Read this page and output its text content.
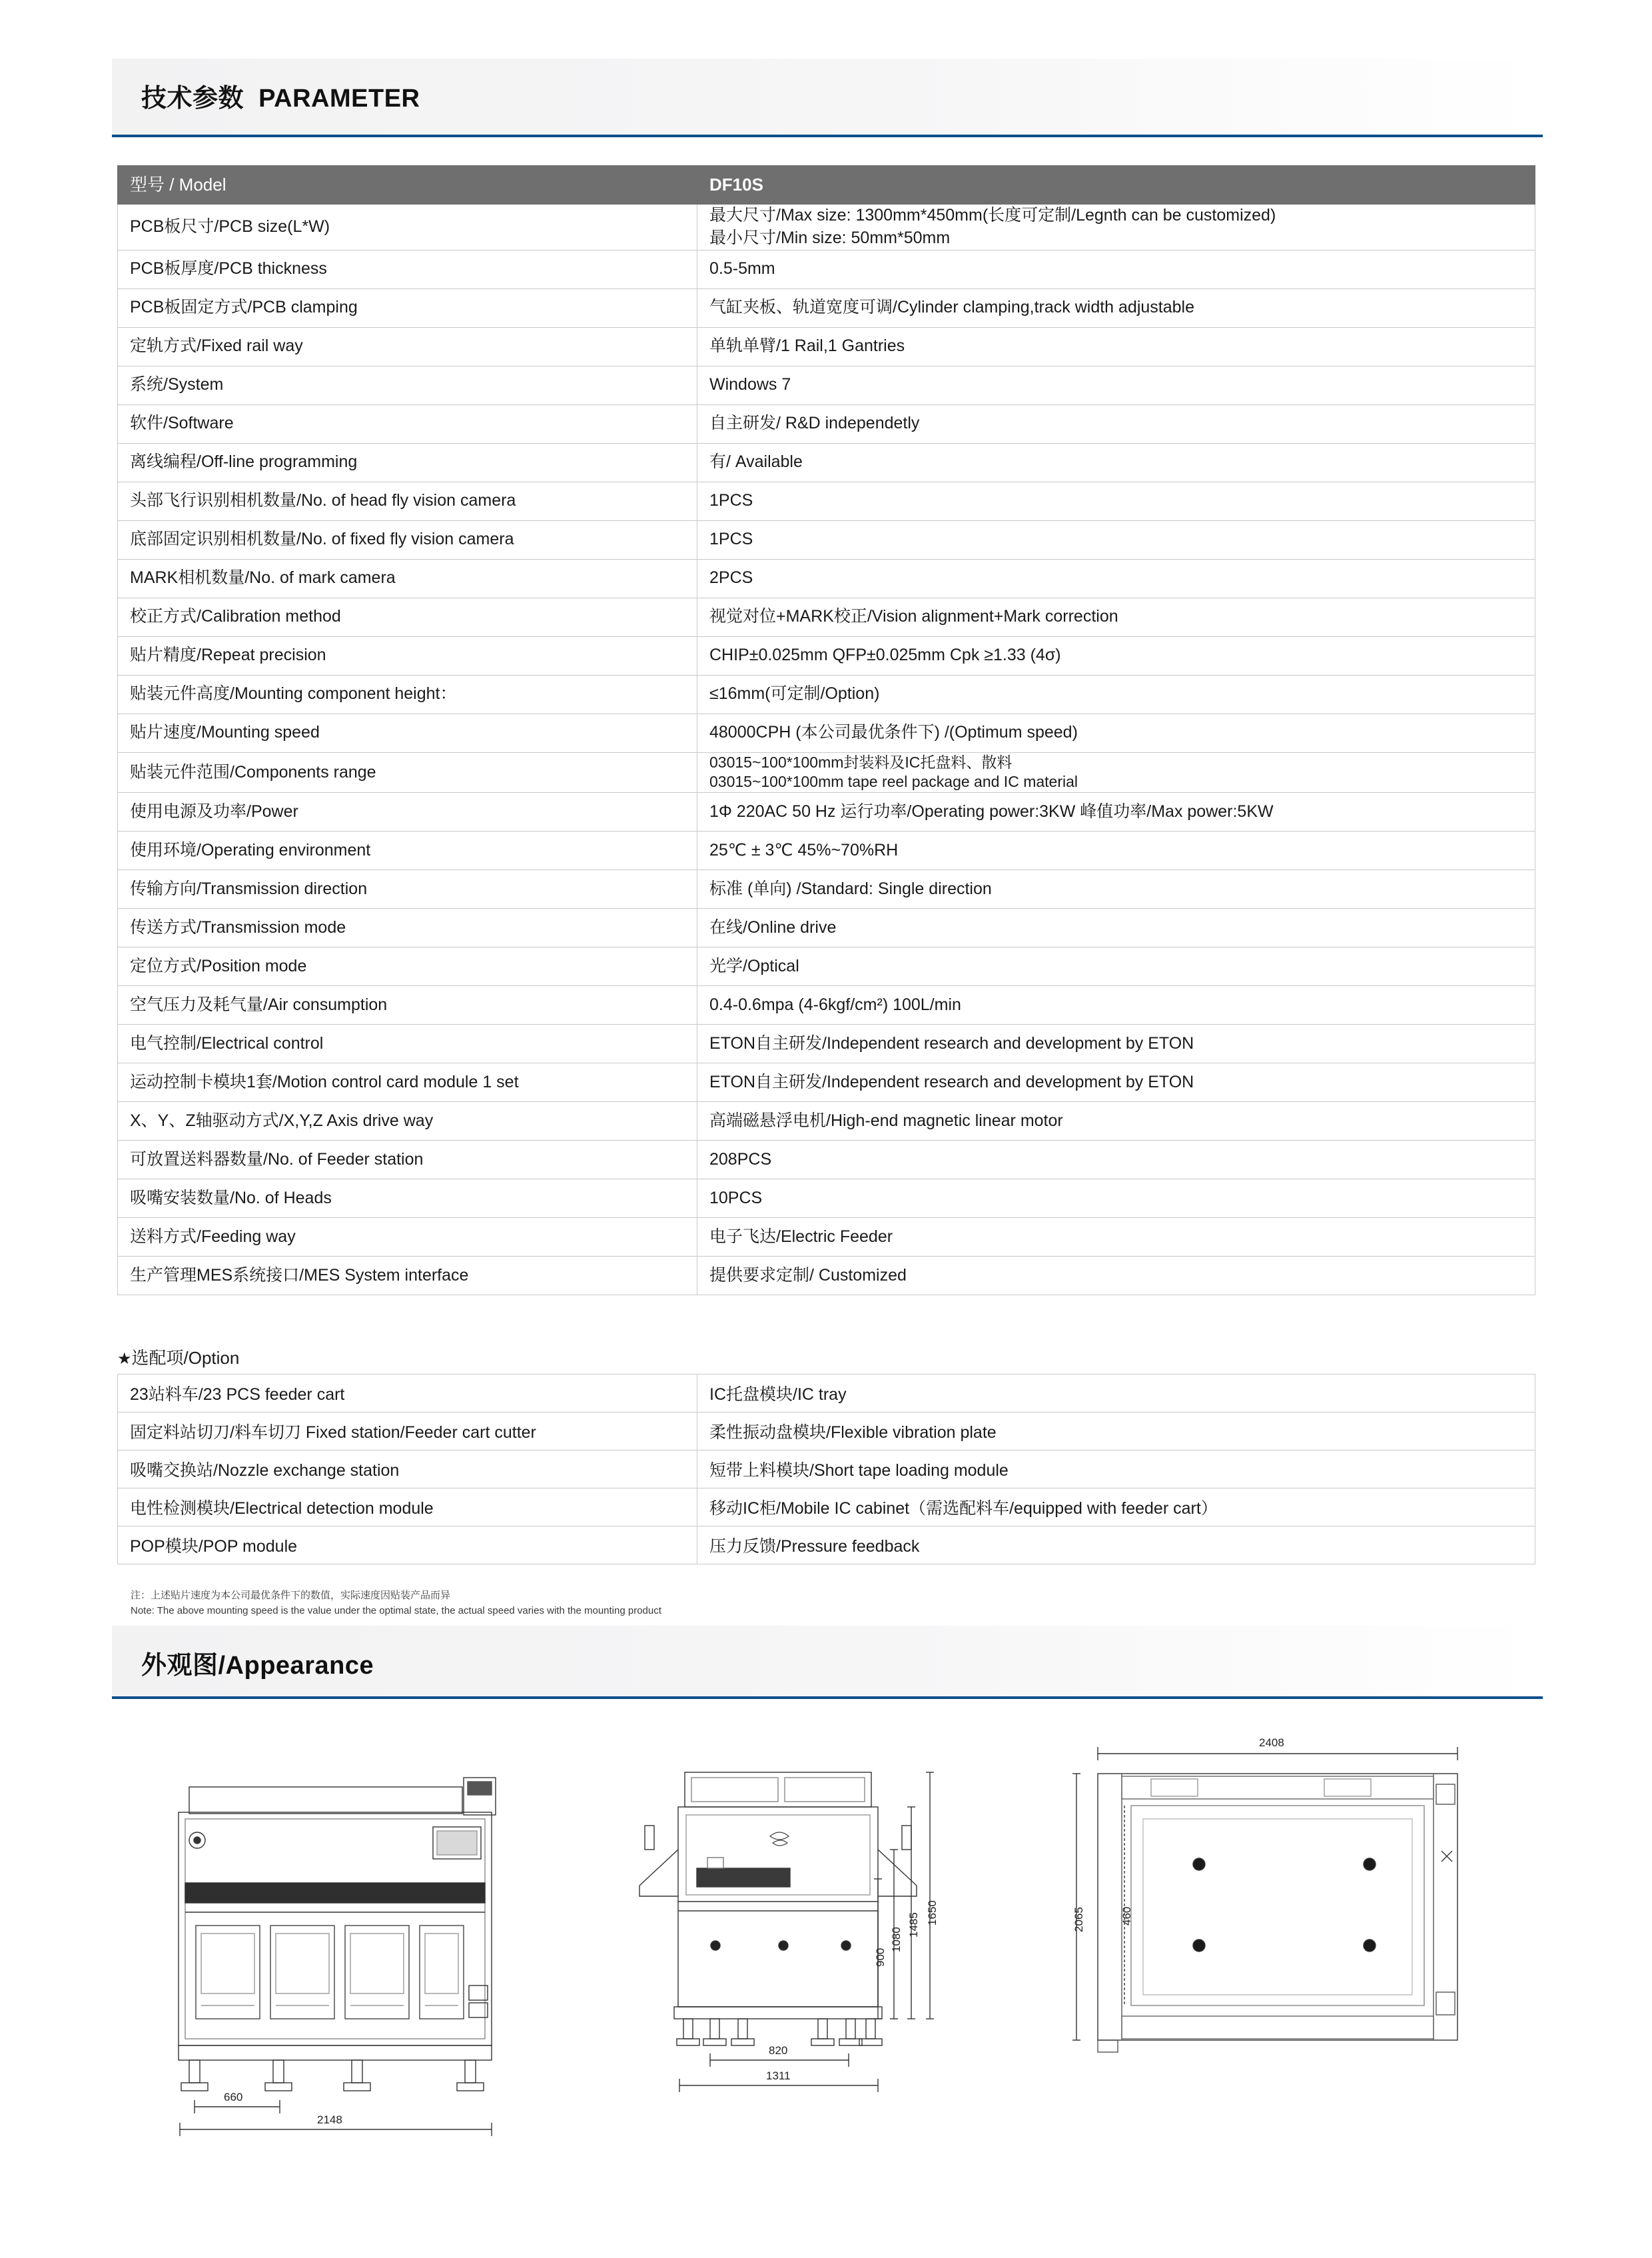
技术参数 PARAMETER
型号 / Model	DF10S
PCB板尺寸/PCB size(L*W)	最大尺寸/Max size: 1300mm*450mm(长度可定制/Legnth can be customized)
最小尺寸/Min size: 50mm*50mm

PCB板厚度/PCB thickness	0.5-5mm

PCB板固定方式/PCB clamping	气缸夹板、轨道宽度可调/Cylinder clamping,track width adjustable

定轨方式/Fixed rail way	单轨单臂/1 Rail,1 Gantries

系统/System	Windows 7

软件/Software	自主研发/ R&D independetly

离线编程/Off-line programming	有/ Available

头部飞行识别相机数量/No. of head fly vision camera	1PCS

底部固定识别相机数量/No. of fixed fly vision camera	1PCS

MARK相机数量/No. of mark camera	2PCS

校正方式/Calibration method	视觉对位+MARK校正/Vision alignment+Mark correction

贴片精度/Repeat precision	CHIP±0.025mm QFP±0.025mm Cpk ≥1.33 (4σ)

贴装元件高度/Mounting component height：	≤16mm(可定制/Option)

贴片速度/Mounting speed	48000CPH (本公司最优条件下) /(Optimum speed)

贴装元件范围/Components range	03015~100*100mm封装料及IC托盘料、散料
03015~100*100mm tape reel package and IC material

使用电源及功率/Power	1Φ 220AC 50 Hz 运行功率/Operating power:3KW 峰值功率/Max power:5KW

使用环境/Operating environment	25℃ ± 3℃ 45%~70%RH

传输方向/Transmission direction	标准 (单向) /Standard: Single direction

传送方式/Transmission mode	在线/Online drive

定位方式/Position mode	光学/Optical

空气压力及耗气量/Air consumption	0.4-0.6mpa (4-6kgf/cm²) 100L/min

电气控制/Electrical control	ETON自主研发/Independent research and development by ETON

运动控制卡模块1套/Motion control card module 1 set	ETON自主研发/Independent research and development by ETON

X、Y、Z轴驱动方式/X,Y,Z Axis drive way	高端磁悬浮电机/High-end magnetic linear motor

可放置送料器数量/No. of Feeder station	208PCS

吸嘴安装数量/No. of Heads	10PCS

送料方式/Feeding way	电子飞达/Electric Feeder

生产管理MES系统接口/MES System interface	提供要求定制/ Customized
★选配项/Option
23站料车/23 PCS feeder cart	IC托盘模块/IC tray
固定料站切刀/料车切刀 Fixed station/Feeder cart cutter	柔性振动盘模块/Flexible vibration plate
吸嘴交换站/Nozzle exchange station	短带上料模块/Short tape loading module
电性检测模块/Electrical detection module	移动IC柜/Mobile IC cabinet（需选配料车/equipped with feeder cart）
POP模块/POP module	压力反馈/Pressure feedback
注：上述贴片速度为本公司最优条件下的数值，实际速度因贴装产品而异
Note: The above mounting speed is the value under the optimal state, the actual speed varies with the mounting product
外观图/Appearance
660
2148
1650
1485
1080
900
820
1311
2408
2065	460
